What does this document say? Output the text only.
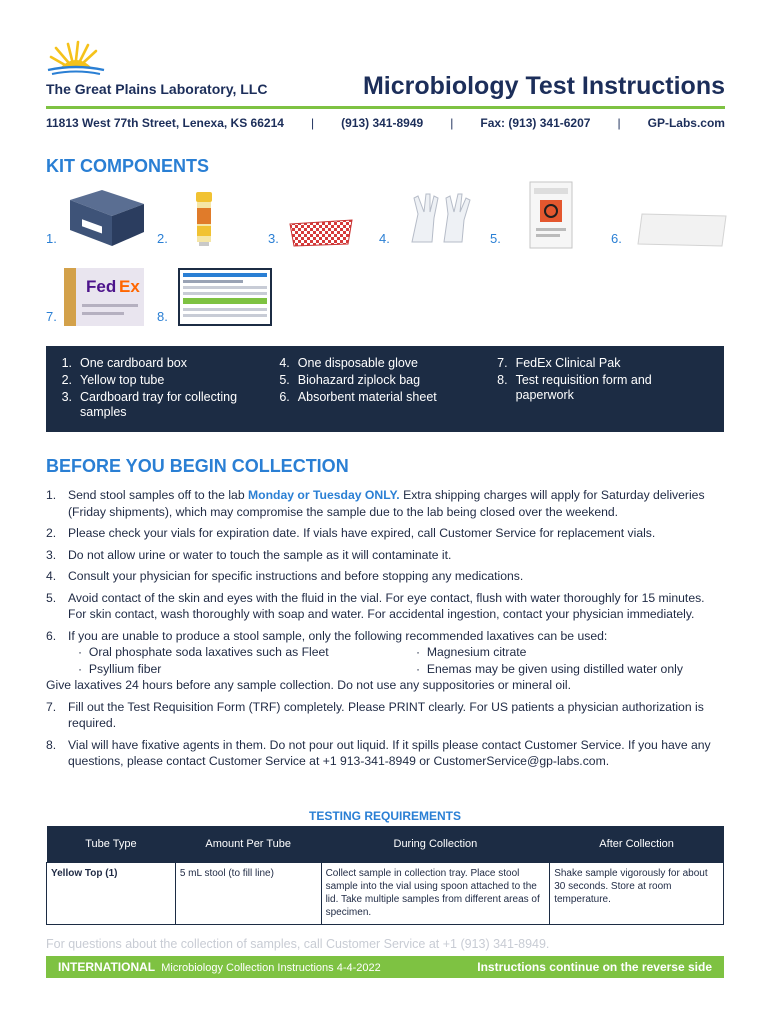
The Great Plains Laboratory, LLC	Microbiology Test Instructions
11813 West 77th Street, Lenexa, KS 66214 | (913) 341-8949 | Fax: (913) 341-6207 | GP-Labs.com
KIT COMPONENTS
Fed Ex
1.	2.	3.	4.	5.	6.
7.	8.
1. One cardboard box
2. Yellow top tube
3. Cardboard tray for collecting samples
4. One disposable glove
5. Biohazard ziplock bag
6. Absorbent material sheet
7. FedEx Clinical Pak
8. Test requisition form and paperwork
BEFORE YOU BEGIN COLLECTION
1. Send stool samples off to the lab Monday or Tuesday ONLY. Extra shipping charges will apply for Saturday deliveries (Friday shipments), which may compromise the sample due to the lab being closed over the weekend.
2. Please check your vials for expiration date. If vials have expired, call Customer Service for replacement vials.
3. Do not allow urine or water to touch the sample as it will contaminate it.
4. Consult your physician for specific instructions and before stopping any medications.
5. Avoid contact of the skin and eyes with the fluid in the vial. For eye contact, flush with water thoroughly for 15 minutes. For skin contact, wash thoroughly with soap and water. For accidental ingestion, contact your physician immediately.
6. If you are unable to produce a stool sample, only the following recommended laxatives can be used:
·  Oral phosphate soda laxatives such as Fleet	·  Magnesium citrate
·  Psyllium fiber	·  Enemas may be given using distilled water only
Give laxatives 24 hours before any sample collection. Do not use any suppositories or mineral oil.
7. Fill out the Test Requisition Form (TRF) completely. Please PRINT clearly. For US patients a physician authorization is required.
8. Vial will have fixative agents in them. Do not pour out liquid. If it spills please contact Customer Service. If you have any questions, please contact Customer Service at +1 913-341-8949 or CustomerService@gp-labs.com.
TESTING REQUIREMENTS
Tube Type	Amount Per Tube	During Collection	After Collection
Yellow Top (1)	5 mL stool (to fill line)	Collect sample in collection tray. Place stool sample into the vial using spoon attached to the lid. Take multiple samples from different areas of specimen.	Shake sample vigorously for about 30 seconds. Store at room temperature.
For questions about the collection of samples, call Customer Service at +1 (913) 341-8949.
INTERNATIONAL Microbiology Collection Instructions 4-4-2022	Instructions continue on the reverse side
